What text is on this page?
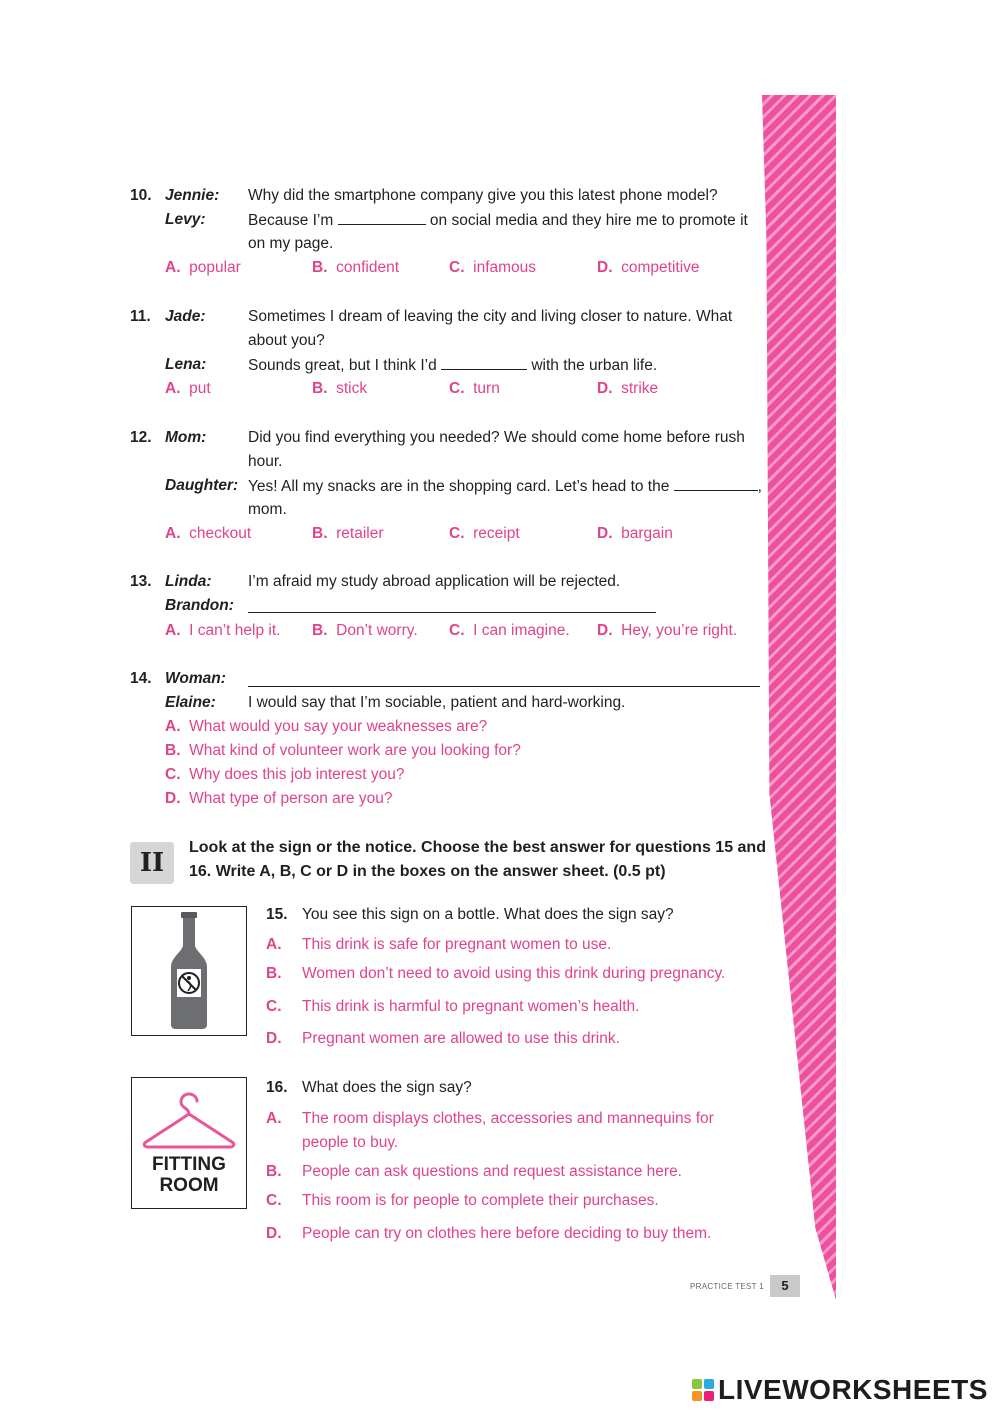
10. Jennie: Why did the smartphone company give you this latest phone model?
Levy:	Because I’m	on social media and they hire me to promote it
on my page.
A. popular	B. confident	C. infamous	D. competitive
11. Jade:	Sometimes I dream of leaving the city and living closer to nature. What
about you?
Lena:	Sounds great, but I think I’d	with the urban life.
A. put	B. stick	C. turn	D. strike
12. Mom:	Did you find everything you needed? We should come home before rush
hour.
Daughter: Yes! All my snacks are in the shopping card. Let’s head to the	,
mom.
A. checkout	B. retailer	C. receipt	D. bargain
13. Linda: I’m afraid my study abroad application will be rejected.
Brandon:
A. I can’t help it. B. Don’t worry. C. I can imagine. D. Hey, you’re right.
14. Woman:
Elaine: I would say that I’m sociable, patient and hard-working.
A. What would you say your weaknesses are?
B. What kind of volunteer work are you looking for?
C. Why does this job interest you?
D. What type of person are you?
II
Look at the sign or the notice. Choose the best answer for questions 15 and
16. Write A, B, C or D in the boxes on the answer sheet. (0.5 pt)
15. You see this sign on a bottle. What does the sign say?
A. This drink is safe for pregnant women to use.
B. Women don’t need to avoid using this drink during pregnancy.
C. This drink is harmful to pregnant women’s health.
D. Pregnant women are allowed to use this drink.
FITTING
ROOM
16. What does the sign say?
A. The room displays clothes, accessories and mannequins for
people to buy.
B. People can ask questions and request assistance here.
C. This room is for people to complete their purchases.
D. People can try on clothes here before deciding to buy them.
PRACTICE TEST 1	5
LIVEWORKSHEETS
